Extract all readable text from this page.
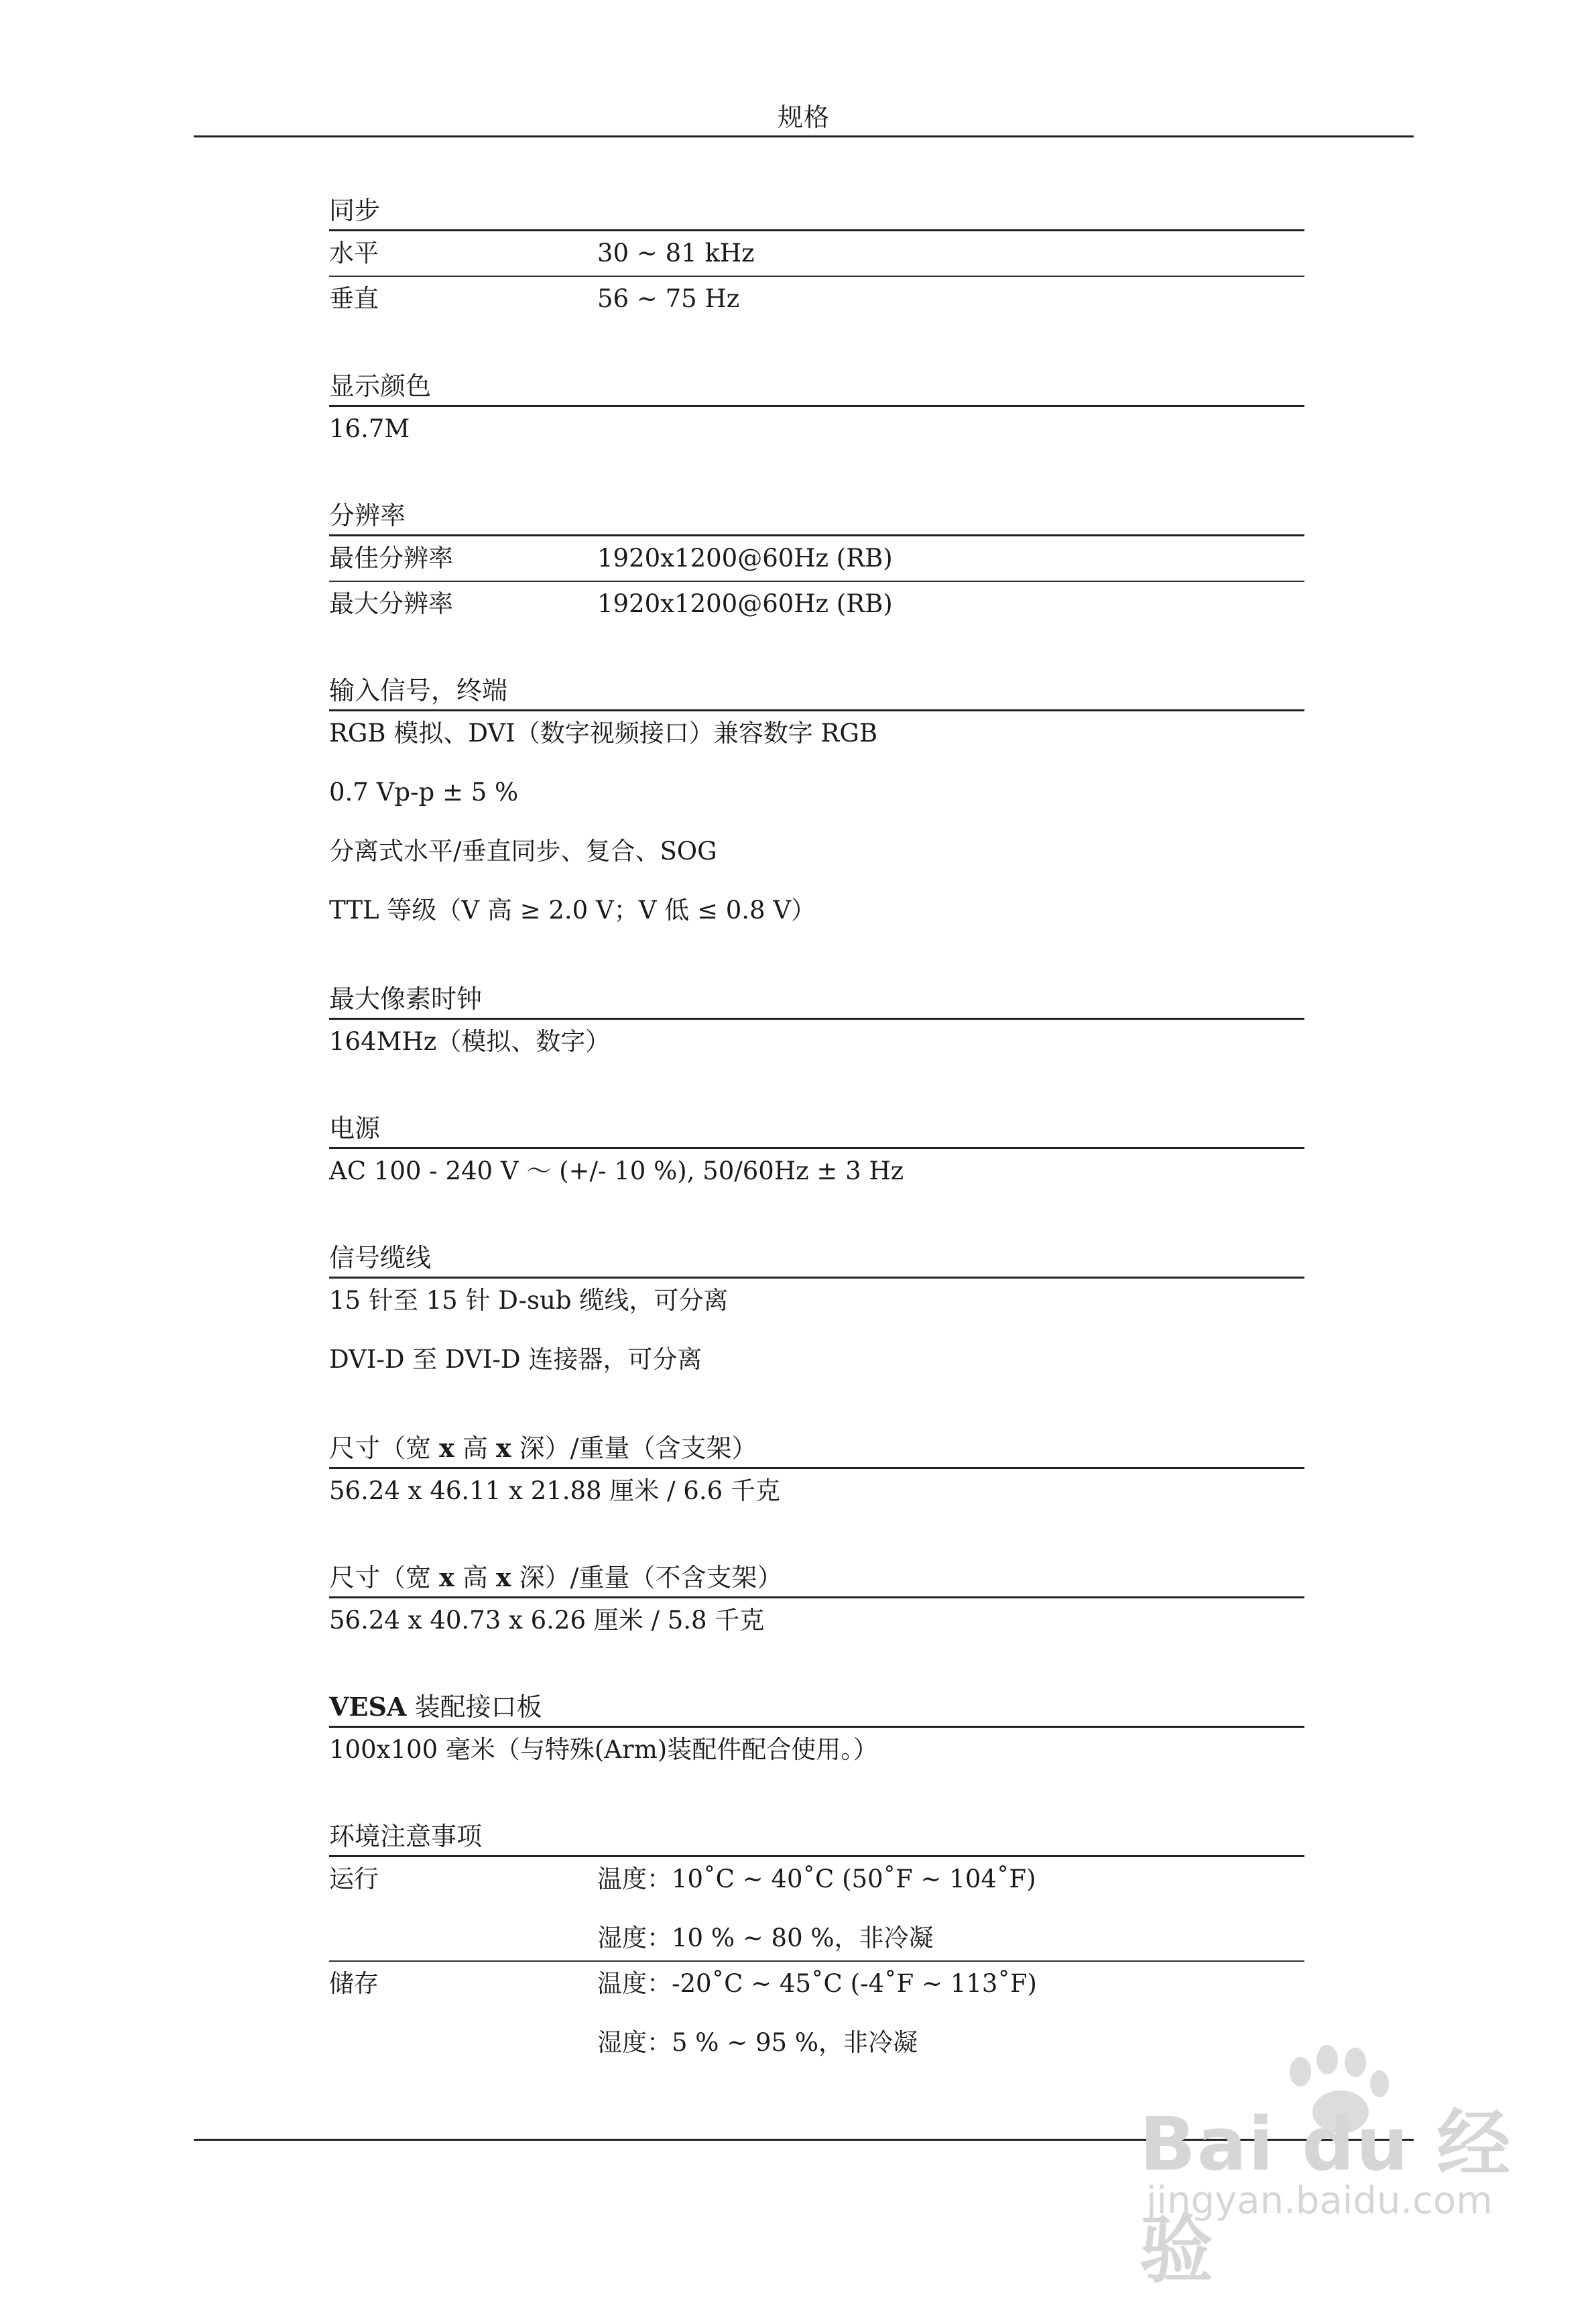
规格
同步
水平	30 ~ 81 kHz
垂直	56 ~ 75 Hz
显示颜色
16.7M
分辨率
最佳分辨率	1920x1200@60Hz (RB)
最大分辨率	1920x1200@60Hz (RB)
输入信号，终端
RGB 模拟、DVI（数字视频接口）兼容数字 RGB
0.7 Vp-p ± 5 %
分离式水平/垂直同步、复合、SOG
TTL 等级（V 高 ≥ 2.0 V；V 低 ≤ 0.8 V）
最大像素时钟
164MHz（模拟、数字）
电源
AC 100 - 240 V ～ (+/- 10 %), 50/60Hz ± 3 Hz
信号缆线
15 针至 15 针 D-sub 缆线，可分离
DVI-D 至 DVI-D 连接器，可分离
尺寸（宽 x 高 x 深）/重量（含支架）
56.24 x 46.11 x 21.88 厘米 / 6.6 千克
尺寸（宽 x 高 x 深）/重量（不含支架）
56.24 x 40.73 x 6.26 厘米 / 5.8 千克
VESA 装配接口板
100x100 毫米（与特殊(Arm)装配件配合使用。）
环境注意事项
运行	温度：10˚C ~ 40˚C (50˚F ~ 104˚F)
湿度：10 % ~ 80 %，非冷凝
储存	温度：-20˚C ~ 45˚C (-4˚F ~ 113˚F)
湿度：5 % ~ 95 %，非冷凝
Bai du 经验
jingyan.baidu.com
